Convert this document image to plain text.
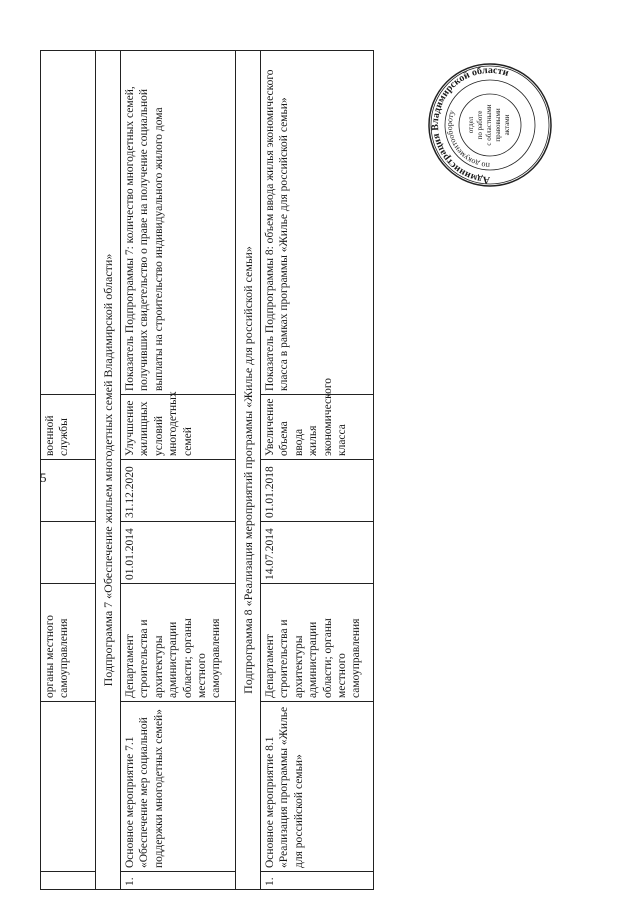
5
		органы местного самоуправления			военной службы	
Подпрограмма 7 «Обеспечение жильем многодетных семей Владимирской области»						
1.	Основное мероприятие 7.1 «Обеспечение мер социальной поддержки многодетных семей»	Департамент строительства и архитектуры администрации области; органы местного самоуправления	01.01.2014	31.12.2020	Улучшение жилищных условий многодетных семей	Показатель Подпрограммы 7: количество многодетных семей, получивших свидетельство о праве на получение социальной выплаты на строительство индивидуального жилого дома
Подпрограмма 8 «Реализация мероприятий программы «Жилье для российской семьи»						
1.	Основное мероприятие 8.1 «Реализация программы «Жилье для российской семьи»	Департамент строительства и архитектуры администрации области; органы местного самоуправления	14.07.2014	01.01.2018	Увеличение объема ввода жилья экономического класса	Показатель Подпрограммы 8: объем ввода жилья экономического класса в рамках программы «Жилье для российской семьи»	Администрация Владимирской области
по документообороту
отдел по работе с областными правовыми актами
